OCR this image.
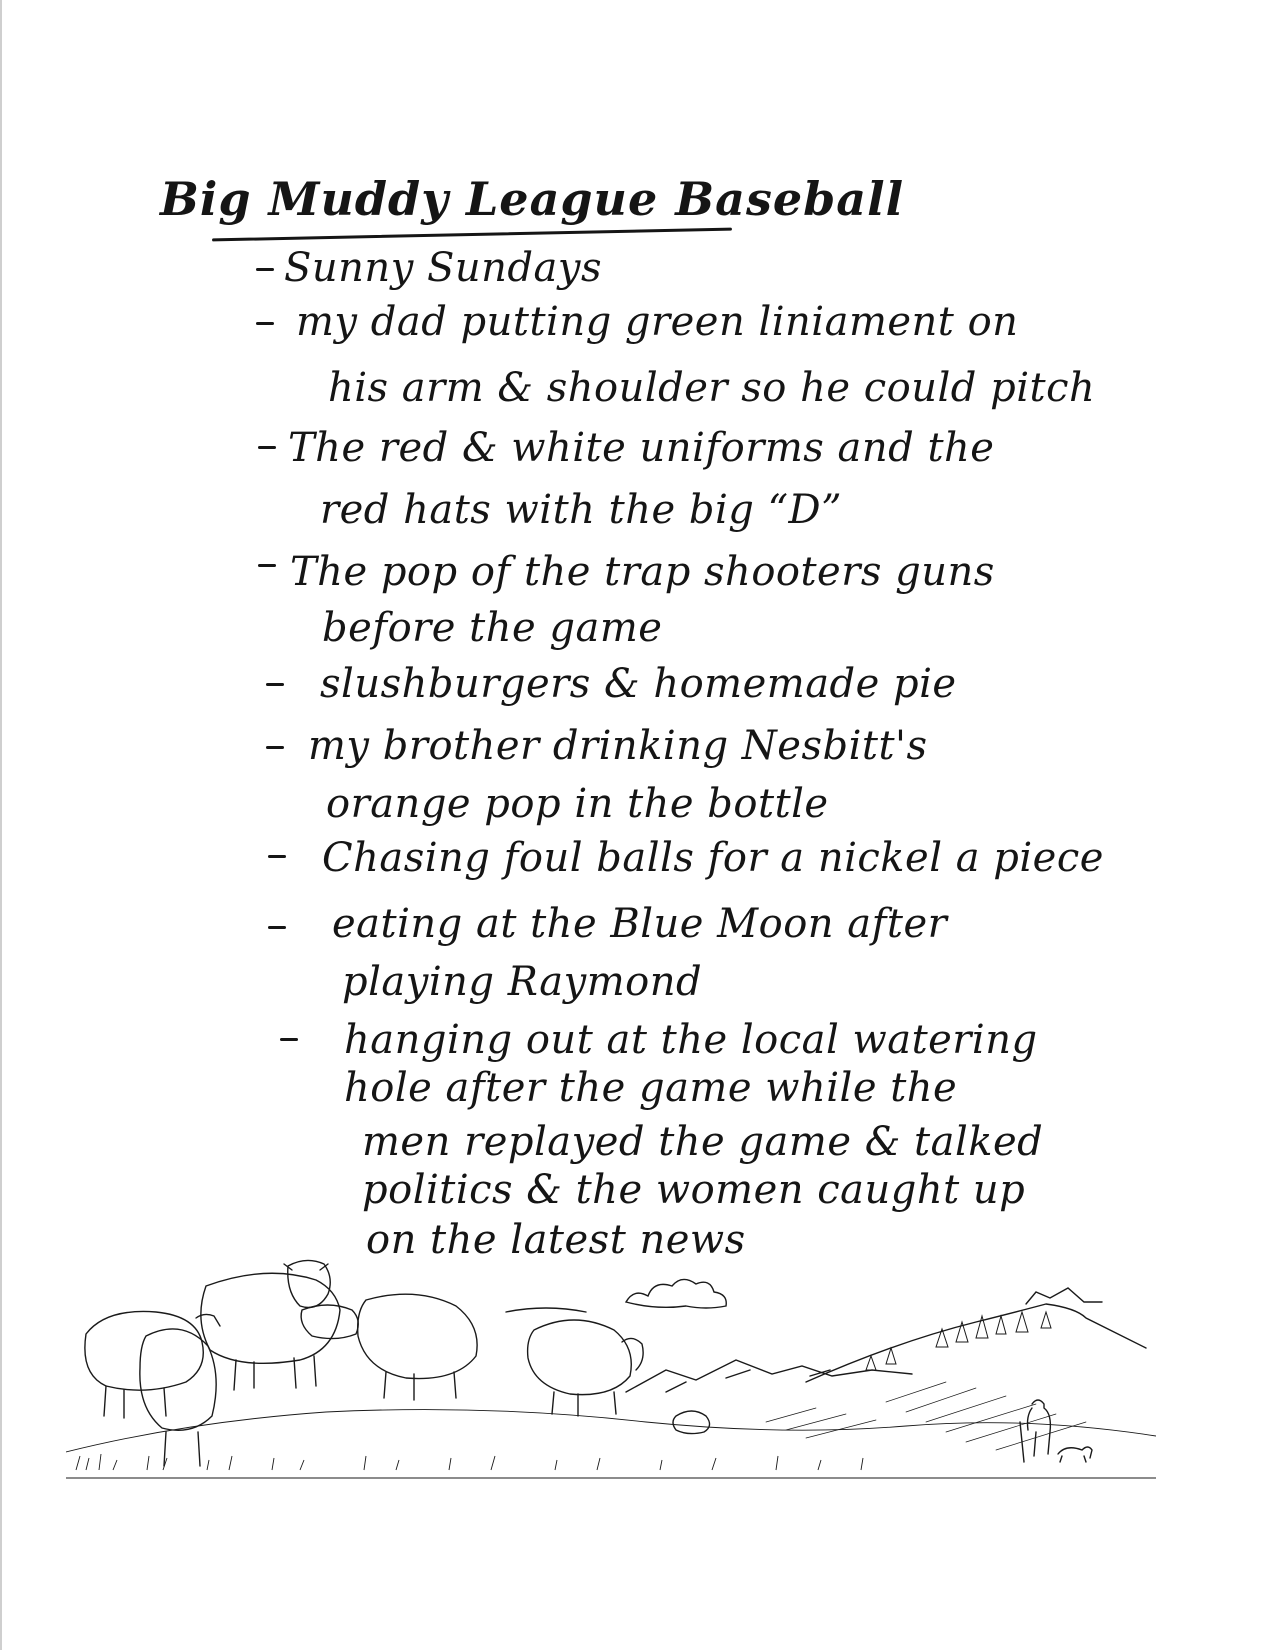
Big Muddy League Baseball

Sunny Sundays

my dad putting green liniament on

his arm & shoulder so he could pitch

The red & white uniforms and the

red hats with the big “D”

The pop of the trap shooters guns

before the game

slushburgers & homemade pie

my brother drinking Nesbitt's

orange pop in the bottle

Chasing foul balls for a nickel a piece

eating at the Blue Moon after

playing Raymond

hanging out at the local watering

hole after the game while the

men replayed the game & talked

politics & the women caught up

on the latest news
